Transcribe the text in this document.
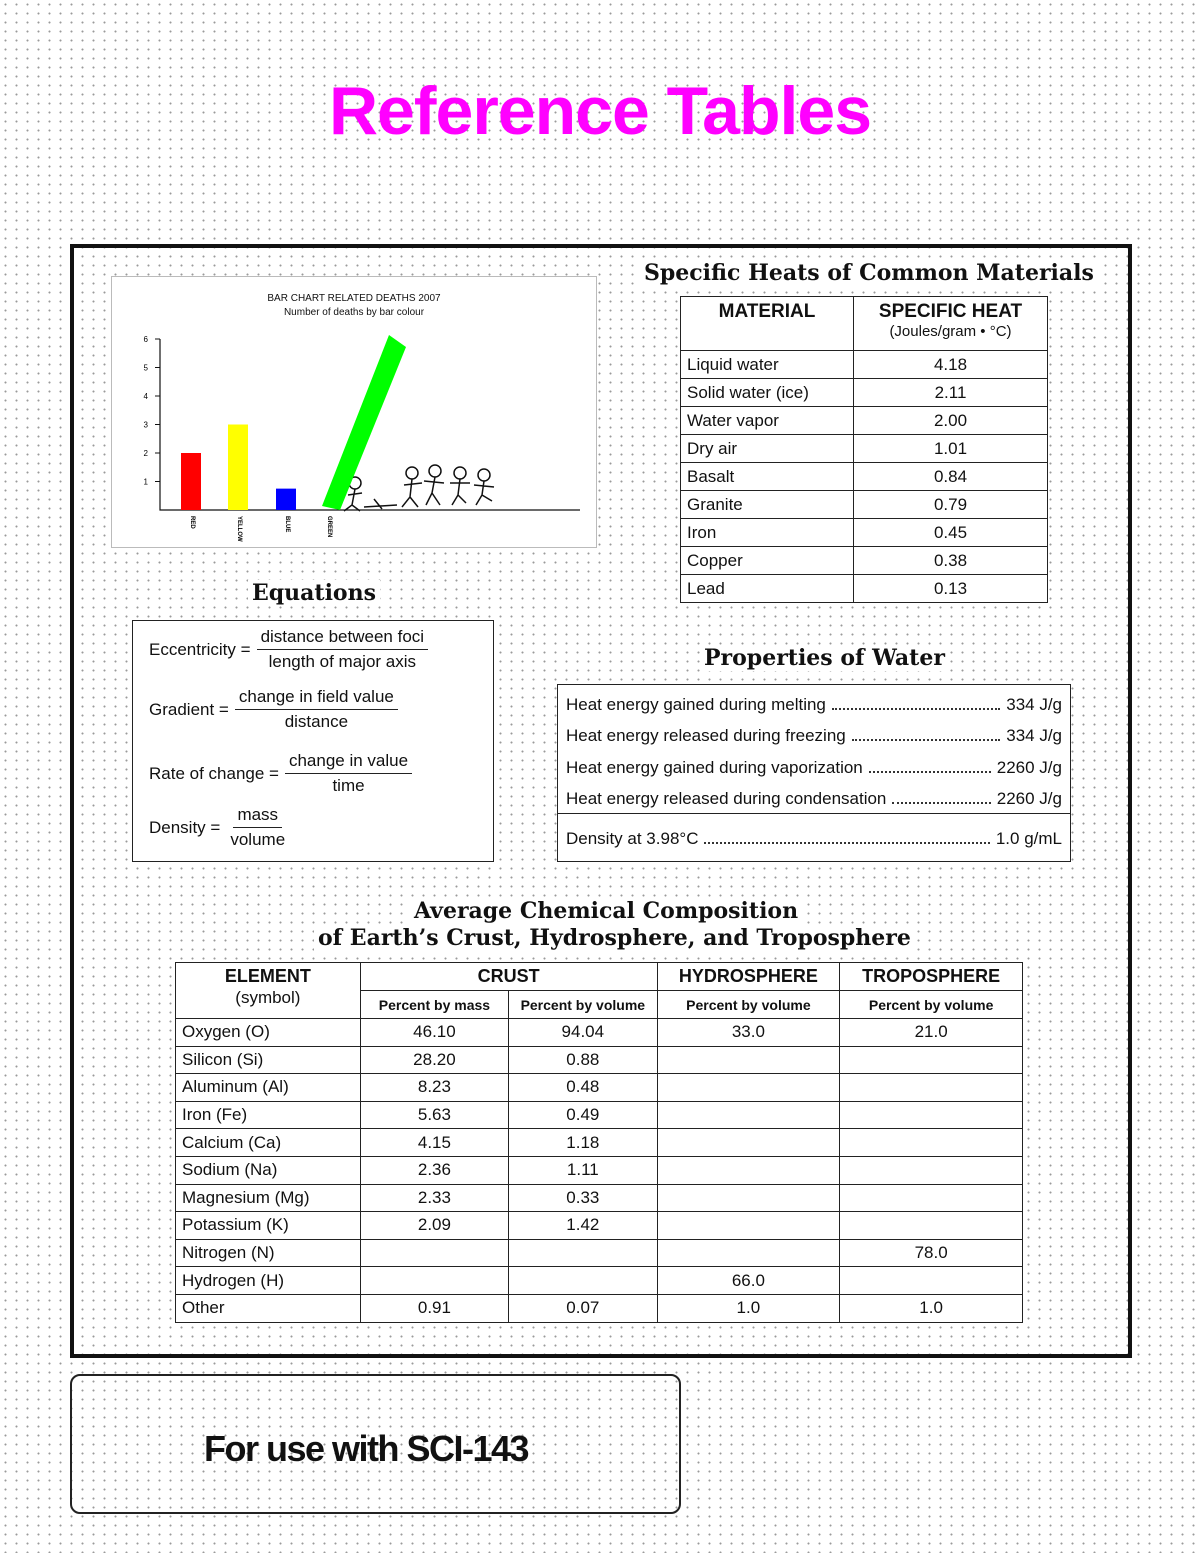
Reference Tables
BAR CHART RELATED DEATHS 2007
Number of deaths by bar colour
1
2
3
4
5
6
RED	YELLOW	BLUE	GREEN
Specific Heats of Common Materials
MATERIAL	SPECIFIC HEAT
(Joules/gram • °C)

Liquid water	4.18
Solid water (ice)	2.11
Water vapor	2.00
Dry air	1.01
Basalt	0.84
Granite	0.79
Iron	0.45
Copper	0.38
Lead	0.13
Equations
Eccentricity = $\frac{\text{distance between foci}}{\text{length of major axis}}$
Gradient = $\frac{\text{change in field value}}{\text{distance}}$
Rate of change = $\frac{\text{change in value}}{\text{time}}$
Density = $\frac{\text{mass}}{\text{volume}}$
Properties of Water
Heat energy gained during melting	334 J/g
Heat energy released during freezing	334 J/g
Heat energy gained during vaporization	2260 J/g
Heat energy released during condensation	2260 J/g
Density at 3.98°C	1.0 g/mL
Average Chemical Composition
of Earth’s Crust, Hydrosphere, and Troposphere
ELEMENT
(symbol)	CRUST		HYDROSPHERE	TROPOSPHERE
	Percent by mass	Percent by volume	Percent by volume	Percent by volume
Oxygen (O)	46.10	94.04	33.0	21.0
Silicon (Si)	28.20	0.88		
Aluminum (Al)	8.23	0.48		
Iron (Fe)	5.63	0.49		
Calcium (Ca)	4.15	1.18		
Sodium (Na)	2.36	1.11		
Magnesium (Mg)	2.33	0.33		
Potassium (K)	2.09	1.42		
Nitrogen (N)				78.0
Hydrogen (H)			66.0	
Other	0.91	0.07	1.0	1.0
For use with SCI-143
